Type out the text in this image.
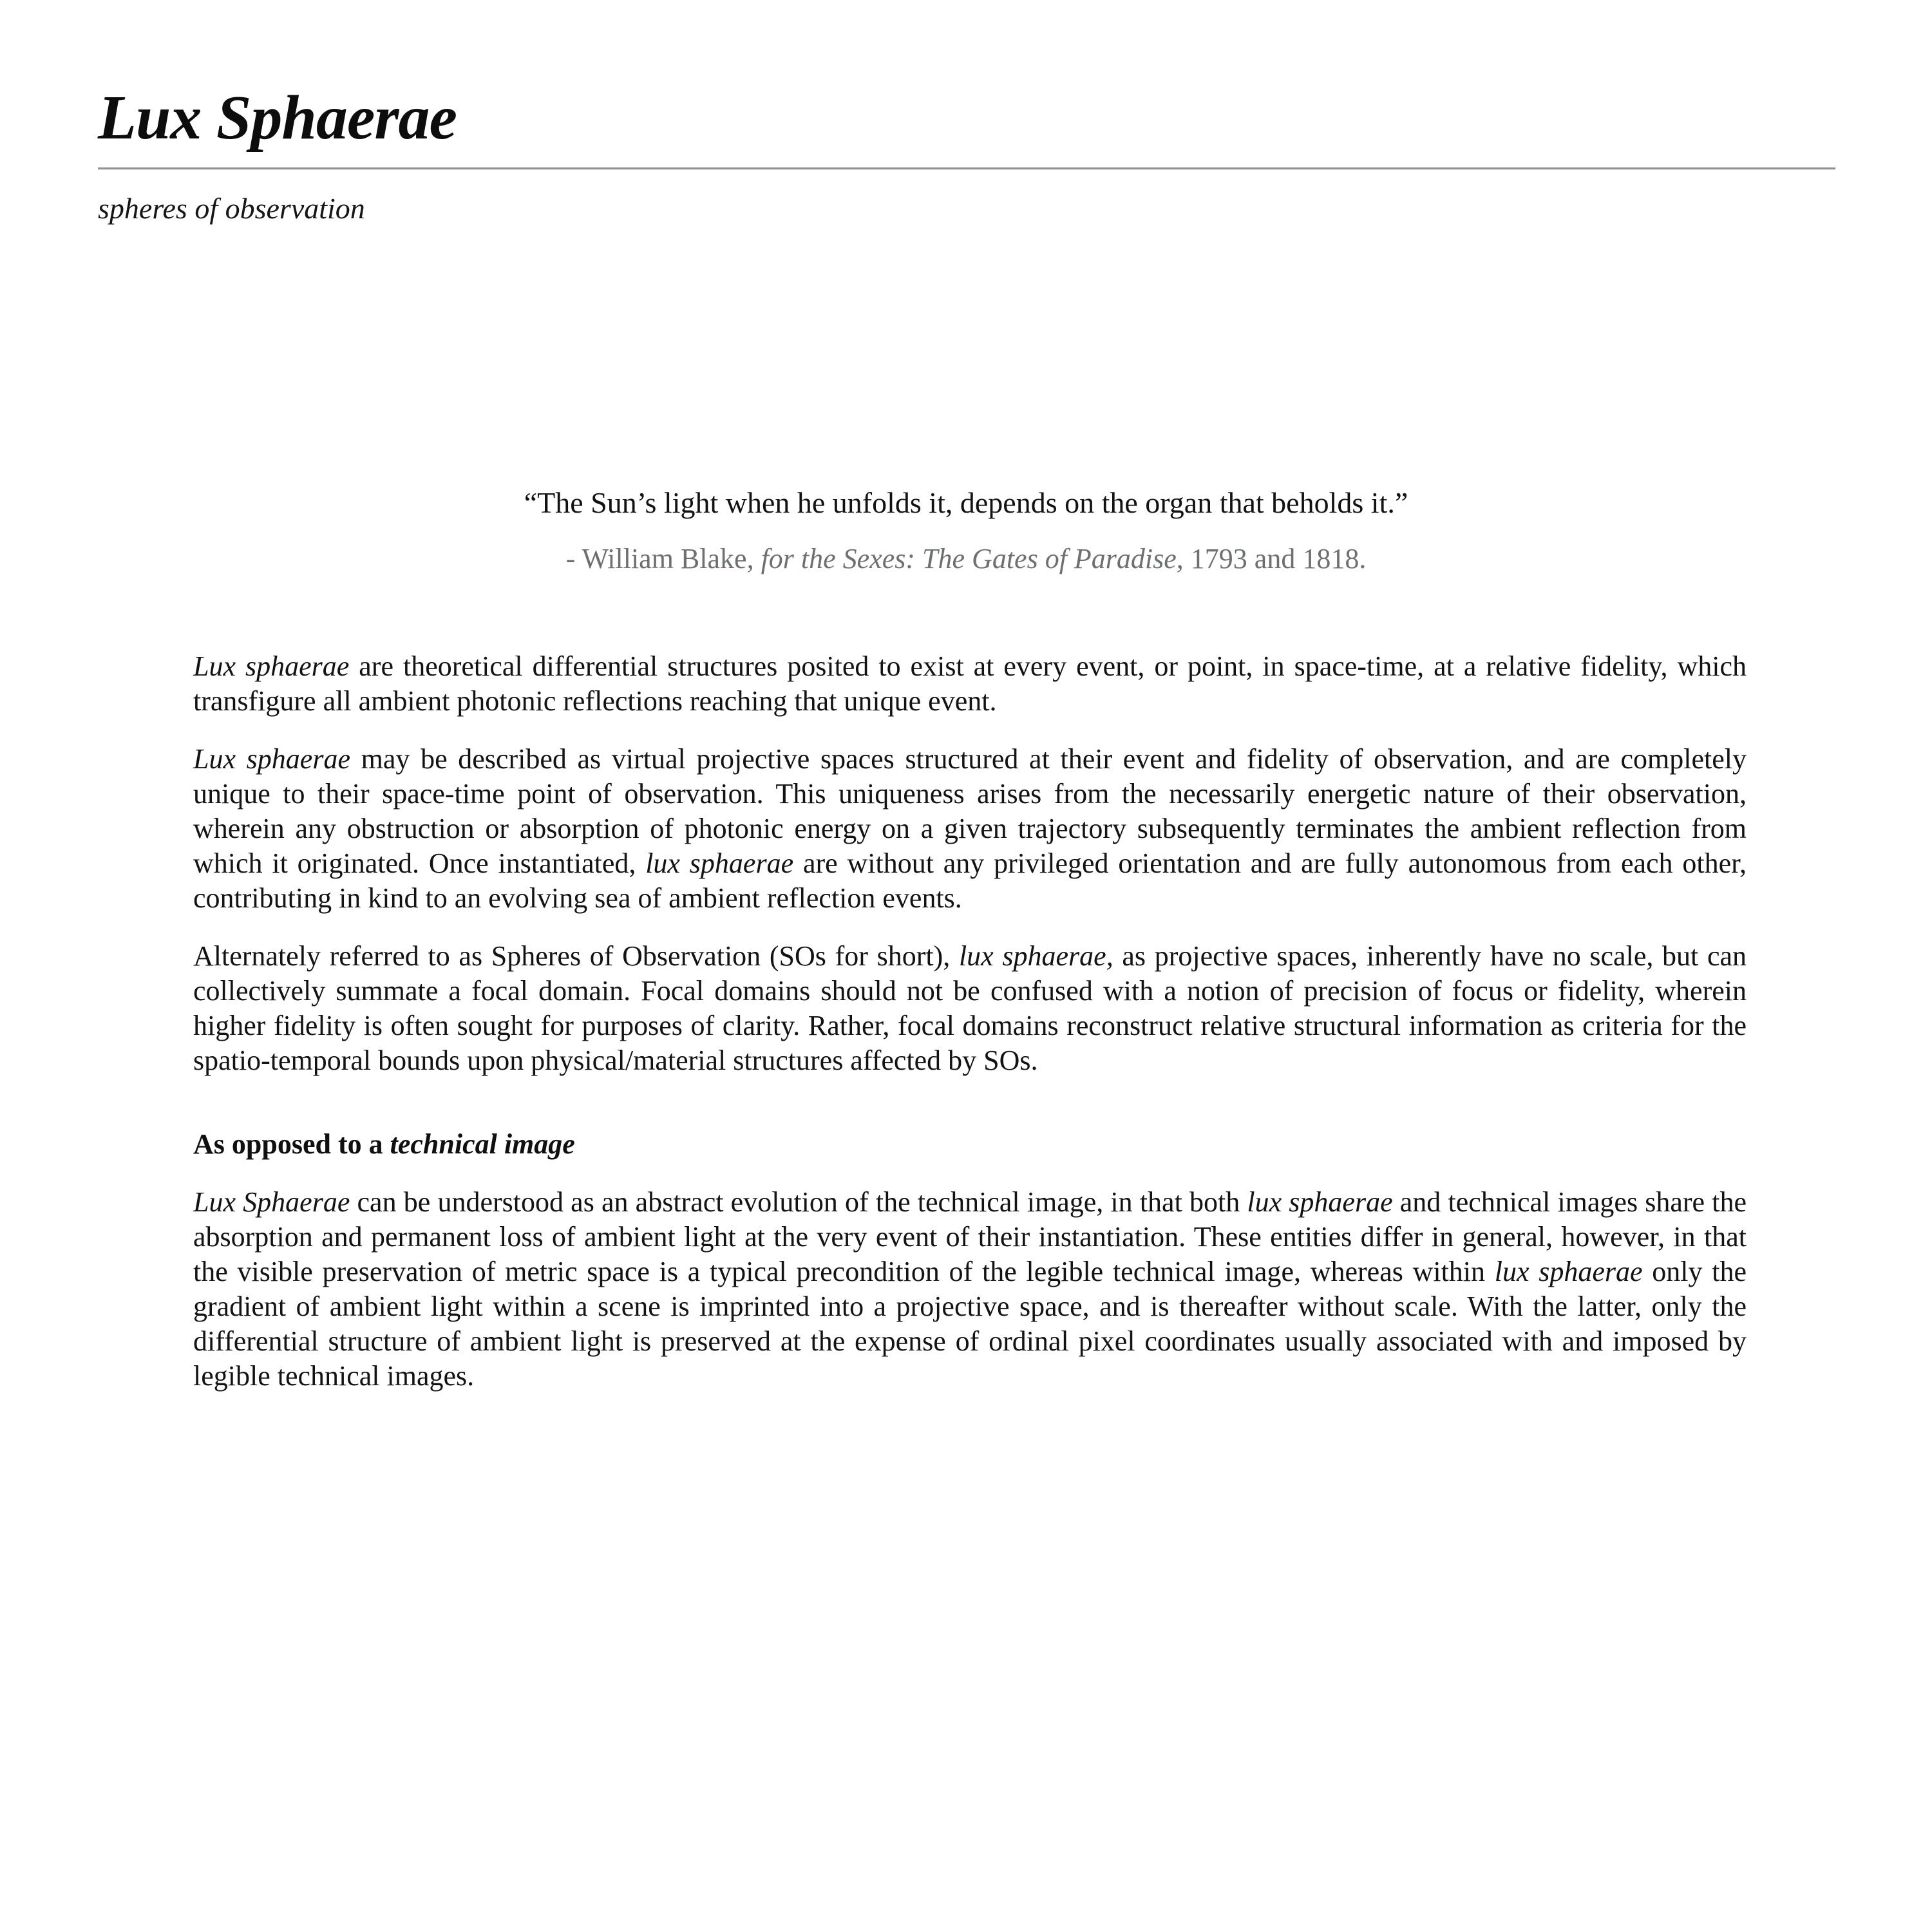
Lux Sphaerae
spheres of observation
“The Sun’s light when he unfolds it, depends on the organ that beholds it.”
- William Blake, for the Sexes: The Gates of Paradise, 1793 and 1818.

Lux sphaerae are theoretical differential structures posited to exist at every event, or point, in space-time, at a relative fidelity, which transfigure all ambient photonic reflections reaching that unique event.

Lux sphaerae may be described as virtual projective spaces structured at their event and fidelity of observation, and are completely unique to their space-time point of observation. This uniqueness arises from the necessarily energetic nature of their observation, wherein any obstruction or absorption of photonic energy on a given trajectory subsequently terminates the ambient reflection from which it originated. Once instantiated, lux sphaerae are without any privileged orientation and are fully autonomous from each other, contributing in kind to an evolving sea of ambient reflection events.

Alternately referred to as Spheres of Observation (SOs for short), lux sphaerae, as projective spaces, inherently have no scale, but can collectively summate a focal domain. Focal domains should not be confused with a notion of precision of focus or fidelity, wherein higher fidelity is often sought for purposes of clarity. Rather, focal domains reconstruct relative structural information as criteria for the spatio-temporal bounds upon physical/material structures affected by SOs.

As opposed to a technical image

Lux Sphaerae can be understood as an abstract evolution of the technical image, in that both lux sphaerae and technical images share the absorption and permanent loss of ambient light at the very event of their instantiation. These entities differ in general, however, in that the visible preservation of metric space is a typical precondition of the legible technical image, whereas within lux sphaerae only the gradient of ambient light within a scene is imprinted into a projective space, and is thereafter without scale. With the latter, only the differential structure of ambient light is preserved at the expense of ordinal pixel coordinates usually associated with and imposed by legible technical images.
